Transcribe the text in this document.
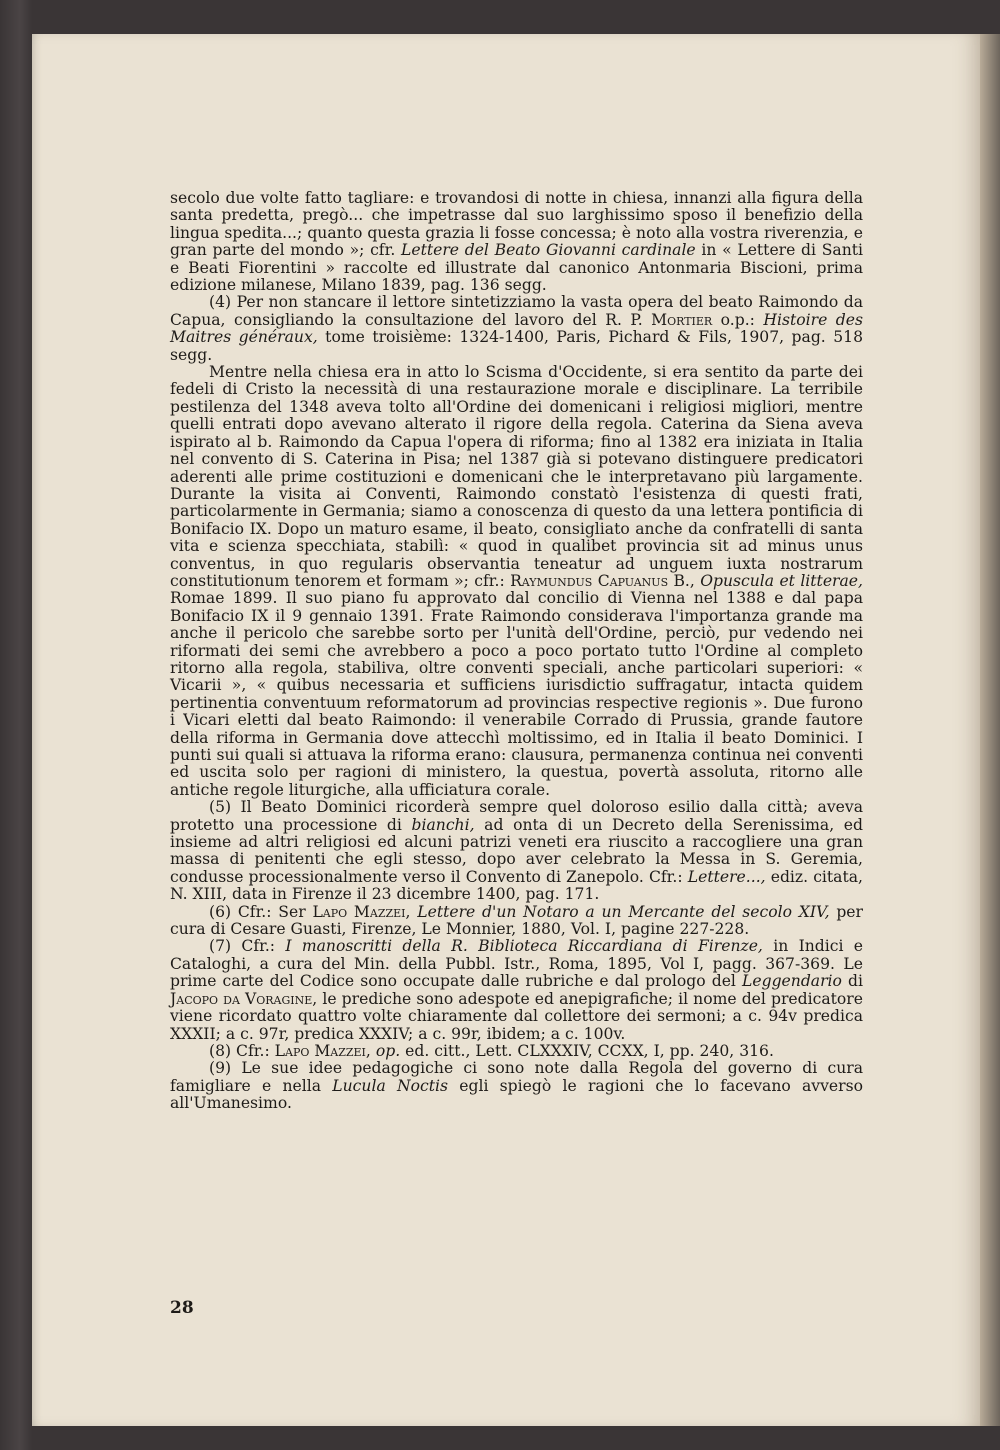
secolo due volte fatto tagliare: e trovandosi di notte in chiesa, innanzi alla figura della santa predetta, pregò... che impetrasse dal suo larghissimo sposo il benefizio della lingua spedita...; quanto questa grazia li fosse concessa; è noto alla vostra riverenzia, e gran parte del mondo »; cfr. Lettere del Beato Giovanni cardinale in « Lettere di Santi e Beati Fiorentini » raccolte ed illustrate dal canonico Antonmaria Biscioni, prima edizione milanese, Milano 1839, pag. 136 segg.

(4) Per non stancare il lettore sintetizziamo la vasta opera del beato Raimondo da Capua, consigliando la consultazione del lavoro del R. P. Mortier o.p.: Histoire des Maitres généraux, tome troisième: 1324-1400, Paris, Pichard & Fils, 1907, pag. 518 segg.

Mentre nella chiesa era in atto lo Scisma d'Occidente, si era sentito da parte dei fedeli di Cristo la necessità di una restaurazione morale e disciplinare. La terribile pestilenza del 1348 aveva tolto all'Ordine dei domenicani i religiosi migliori, mentre quelli entrati dopo avevano alterato il rigore della regola. Caterina da Siena aveva ispirato al b. Raimondo da Capua l'opera di riforma; fino al 1382 era iniziata in Italia nel convento di S. Caterina in Pisa; nel 1387 già si potevano distinguere predicatori aderenti alle prime costituzioni e domenicani che le interpretavano più largamente. Durante la visita ai Conventi, Raimondo constatò l'esistenza di questi frati, particolarmente in Germania; siamo a conoscenza di questo da una lettera pontificia di Bonifacio IX. Dopo un maturo esame, il beato, consigliato anche da confratelli di santa vita e scienza specchiata, stabilì: « quod in qualibet provincia sit ad minus unus conventus, in quo regularis observantia teneatur ad unguem iuxta nostrarum constitutionum tenorem et formam »; cfr.: Raymundus Capuanus B., Opuscula et litterae, Romae 1899. Il suo piano fu approvato dal concilio di Vienna nel 1388 e dal papa Bonifacio IX il 9 gennaio 1391. Frate Raimondo considerava l'importanza grande ma anche il pericolo che sarebbe sorto per l'unità dell'Ordine, perciò, pur vedendo nei riformati dei semi che avrebbero a poco a poco portato tutto l'Ordine al completo ritorno alla regola, stabiliva, oltre conventi speciali, anche particolari superiori: « Vicarii », « quibus necessaria et sufficiens iurisdictio suffragatur, intacta quidem pertinentia conventuum reformatorum ad provincias respective regionis ». Due furono i Vicari eletti dal beato Raimondo: il venerabile Corrado di Prussia, grande fautore della riforma in Germania dove attecchì moltissimo, ed in Italia il beato Dominici. I punti sui quali si attuava la riforma erano: clausura, permanenza continua nei conventi ed uscita solo per ragioni di ministero, la questua, povertà assoluta, ritorno alle antiche regole liturgiche, alla ufficiatura corale.

(5) Il Beato Dominici ricorderà sempre quel doloroso esilio dalla città; aveva protetto una processione di bianchi, ad onta di un Decreto della Serenissima, ed insieme ad altri religiosi ed alcuni patrizi veneti era riuscito a raccogliere una gran massa di penitenti che egli stesso, dopo aver celebrato la Messa in S. Geremia, condusse processionalmente verso il Convento di Zanepolo. Cfr.: Lettere..., ediz. citata, N. XIII, data in Firenze il 23 dicembre 1400, pag. 171.

(6) Cfr.: Ser Lapo Mazzei, Lettere d'un Notaro a un Mercante del secolo XIV, per cura di Cesare Guasti, Firenze, Le Monnier, 1880, Vol. I, pagine 227-228.

(7) Cfr.: I manoscritti della R. Biblioteca Riccardiana di Firenze, in Indici e Cataloghi, a cura del Min. della Pubbl. Istr., Roma, 1895, Vol I, pagg. 367-369. Le prime carte del Codice sono occupate dalle rubriche e dal prologo del Leggendario di Jacopo da Voragine, le prediche sono adespote ed anepigrafiche; il nome del predicatore viene ricordato quattro volte chiaramente dal collettore dei sermoni; a c. 94v predica XXXII; a c. 97r, predica XXXIV; a c. 99r, ibidem; a c. 100v.

(8) Cfr.: Lapo Mazzei, op. ed. citt., Lett. CLXXXIV, CCXX, I, pp. 240, 316.

(9) Le sue idee pedagogiche ci sono note dalla Regola del governo di cura famigliare e nella Lucula Noctis egli spiegò le ragioni che lo facevano avverso all'Umanesimo.

28
